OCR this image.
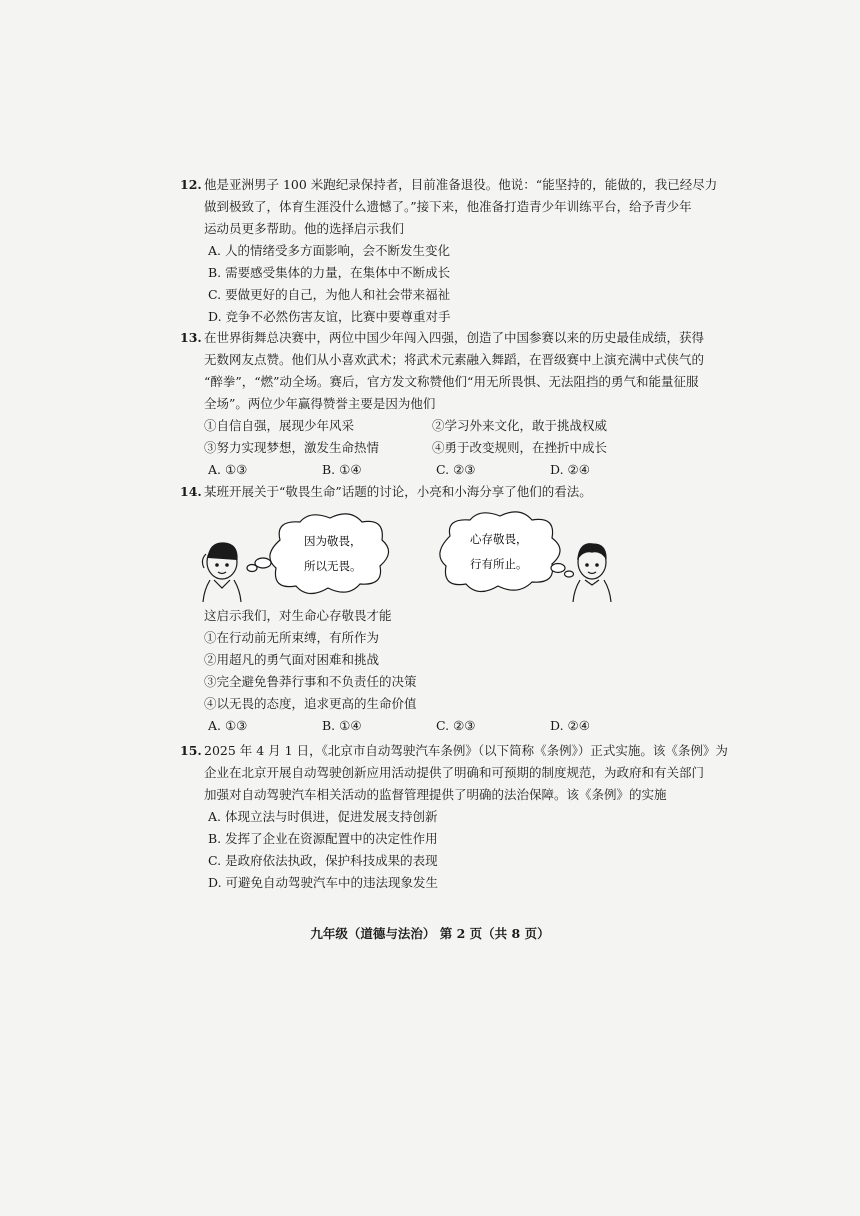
12. 他是亚洲男子 100 米跑纪录保持者，目前准备退役。他说：“能坚持的，能做的，我已经尽力
做到极致了，体育生涯没什么遗憾了。”接下来，他准备打造青少年训练平台，给予青少年
运动员更多帮助。他的选择启示我们
A. 人的情绪受多方面影响，会不断发生变化
B. 需要感受集体的力量，在集体中不断成长
C. 要做更好的自己，为他人和社会带来福祉
D. 竞争不必然伤害友谊，比赛中要尊重对手
13. 在世界街舞总决赛中，两位中国少年闯入四强，创造了中国参赛以来的历史最佳成绩，获得
无数网友点赞。他们从小喜欢武术；将武术元素融入舞蹈，在晋级赛中上演充满中式侠气的
“醉拳”，“燃”动全场。赛后，官方发文称赞他们“用无所畏惧、无法阻挡的勇气和能量征服
全场”。两位少年赢得赞誉主要是因为他们
①自信自强，展现少年风采	②学习外来文化，敢于挑战权威
③努力实现梦想，激发生命热情	④勇于改变规则，在挫折中成长
A. ①③	B. ①④	C. ②③	D. ②④
14. 某班开展关于“敬畏生命”话题的讨论，小亮和小海分享了他们的看法。
因为敬畏，
所以无畏。
心存敬畏，
行有所止。
这启示我们，对生命心存敬畏才能
①在行动前无所束缚，有所作为
②用超凡的勇气面对困难和挑战
③完全避免鲁莽行事和不负责任的决策
④以无畏的态度，追求更高的生命价值
A. ①③	B. ①④	C. ②③	D. ②④
15. 2025 年 4 月 1 日，《北京市自动驾驶汽车条例》（以下简称《条例》）正式实施。该《条例》为
企业在北京开展自动驾驶创新应用活动提供了明确和可预期的制度规范，为政府和有关部门
加强对自动驾驶汽车相关活动的监督管理提供了明确的法治保障。该《条例》的实施
A. 体现立法与时俱进，促进发展支持创新
B. 发挥了企业在资源配置中的决定性作用
C. 是政府依法执政，保护科技成果的表现
D. 可避免自动驾驶汽车中的违法现象发生
九年级（道德与法治） 第 2 页（共 8 页）
